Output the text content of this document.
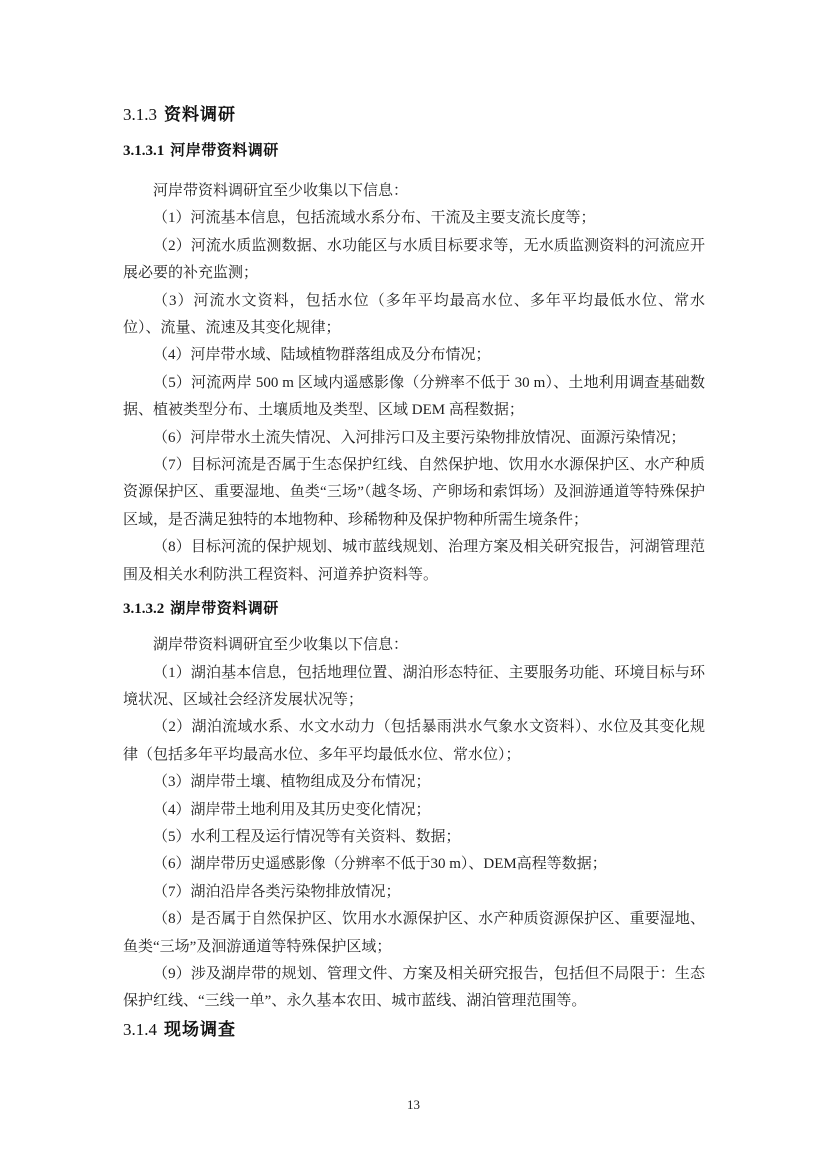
3.1.3 资料调研
3.1.3.1 河岸带资料调研

河岸带资料调研宜至少收集以下信息：

（1）河流基本信息，包括流域水系分布、干流及主要支流长度等；

（2）河流水质监测数据、水功能区与水质目标要求等，无水质监测资料的河流应开展必要的补充监测；

（3）河流水文资料，包括水位（多年平均最高水位、多年平均最低水位、常水位）、流量、流速及其变化规律；

（4）河岸带水域、陆域植物群落组成及分布情况；

（5）河流两岸 500 m 区域内遥感影像（分辨率不低于 30 m）、土地利用调查基础数据、植被类型分布、土壤质地及类型、区域 DEM 高程数据；

（6）河岸带水土流失情况、入河排污口及主要污染物排放情况、面源污染情况；

（7）目标河流是否属于生态保护红线、自然保护地、饮用水水源保护区、水产种质资源保护区、重要湿地、鱼类“三场”（越冬场、产卵场和索饵场）及洄游通道等特殊保护区域，是否满足独特的本地物种、珍稀物种及保护物种所需生境条件；

（8）目标河流的保护规划、城市蓝线规划、治理方案及相关研究报告，河湖管理范围及相关水利防洪工程资料、河道养护资料等。

3.1.3.2 湖岸带资料调研

湖岸带资料调研宜至少收集以下信息：

（1）湖泊基本信息，包括地理位置、湖泊形态特征、主要服务功能、环境目标与环境状况、区域社会经济发展状况等；

（2）湖泊流域水系、水文水动力（包括暴雨洪水气象水文资料）、水位及其变化规律（包括多年平均最高水位、多年平均最低水位、常水位）；

（3）湖岸带土壤、植物组成及分布情况；

（4）湖岸带土地利用及其历史变化情况；

（5）水利工程及运行情况等有关资料、数据；

（6）湖岸带历史遥感影像（分辨率不低于30 m）、DEM高程等数据；

（7）湖泊沿岸各类污染物排放情况；

（8）是否属于自然保护区、饮用水水源保护区、水产种质资源保护区、重要湿地、鱼类“三场”及洄游通道等特殊保护区域；

（9）涉及湖岸带的规划、管理文件、方案及相关研究报告，包括但不局限于：生态保护红线、“三线一单”、永久基本农田、城市蓝线、湖泊管理范围等。

3.1.4 现场调查
13
